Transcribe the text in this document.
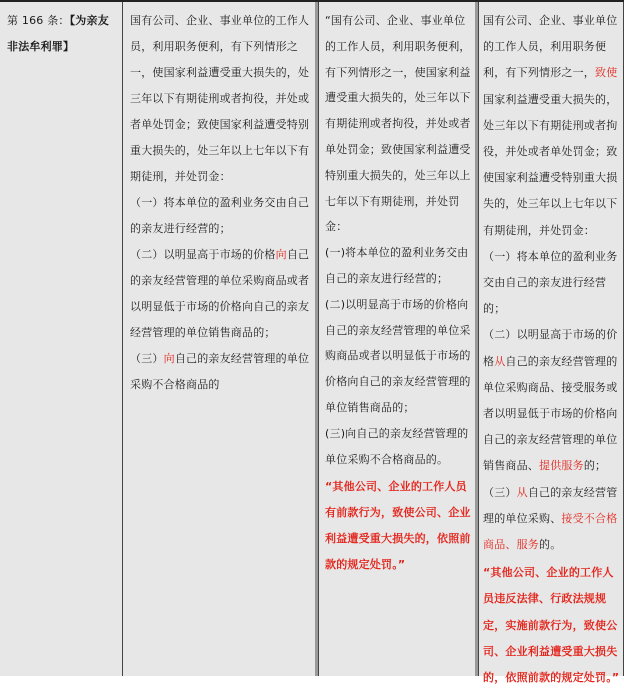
第 166 条：【为亲友非法牟利罪】

国有公司、企业、事业单位的工作人员，利用职务便利，有下列情形之一，使国家利益遭受重大损失的，处三年以下有期徒刑或者拘役，并处或者单处罚金；致使国家利益遭受特别重大损失的，处三年以上七年以下有期徒刑，并处罚金：

（一）将本单位的盈利业务交由自己的亲友进行经营的；

（二）以明显高于市场的价格向自己的亲友经营管理的单位采购商品或者以明显低于市场的价格向自己的亲友经营管理的单位销售商品的；

（三）向自己的亲友经营管理的单位采购不合格商品的

“国有公司、企业、事业单位的工作人员，利用职务便利，有下列情形之一，使国家利益遭受重大损失的，处三年以下有期徒刑或者拘役，并处或者单处罚金；致使国家利益遭受特别重大损失的，处三年以上七年以下有期徒刑，并处罚金：

(一)将本单位的盈利业务交由自己的亲友进行经营的；

(二)以明显高于市场的价格向自己的亲友经营管理的单位采购商品或者以明显低于市场的价格向自己的亲友经营管理的单位销售商品的；

(三)向自己的亲友经营管理的单位采购不合格商品的。

“其他公司、企业的工作人员有前款行为，致使公司、企业利益遭受重大损失的，依照前款的规定处罚。”

国有公司、企业、事业单位的工作人员，利用职务便利，有下列情形之一，致使国家利益遭受重大损失的，处三年以下有期徒刑或者拘役，并处或者单处罚金；致使国家利益遭受特别重大损失的，处三年以上七年以下有期徒刑，并处罚金：

（一）将本单位的盈利业务交由自己的亲友进行经营的；

（二）以明显高于市场的价格从自己的亲友经营管理的单位采购商品、接受服务或者以明显低于市场的价格向自己的亲友经营管理的单位销售商品、提供服务的；

（三）从自己的亲友经营管理的单位采购、接受不合格商品、服务的。

“其他公司、企业的工作人员违反法律、行政法规规定，实施前款行为，致使公司、企业利益遭受重大损失的，依照前款的规定处罚。”
